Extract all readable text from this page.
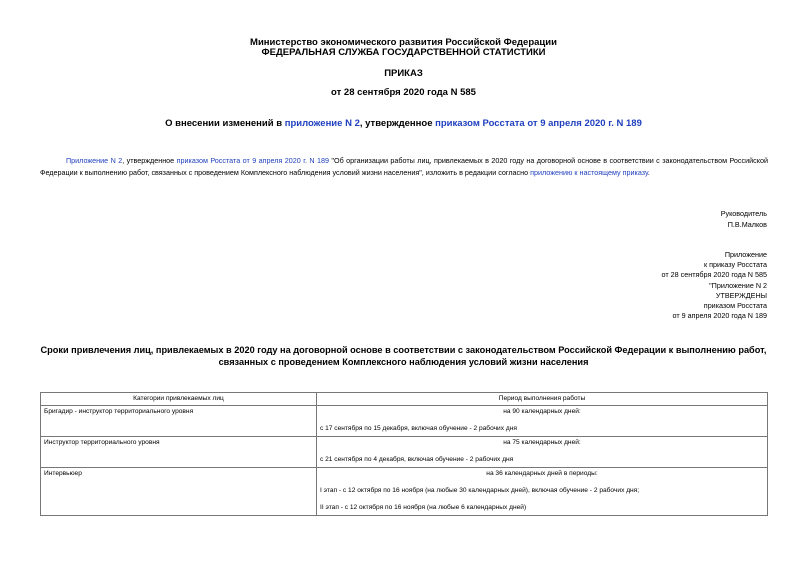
Министерство экономического развития Российской Федерации
ФЕДЕРАЛЬНАЯ СЛУЖБА ГОСУДАРСТВЕННОЙ СТАТИСТИКИ
ПРИКАЗ
от 28 сентября 2020 года N 585
О внесении изменений в приложение N 2, утвержденное приказом Росстата от 9 апреля 2020 г. N 189
Приложение N 2, утвержденное приказом Росстата от 9 апреля 2020 г. N 189 "Об организации работы лиц, привлекаемых в 2020 году на договорной основе в соответствии с законодательством Российской Федерации к выполнению работ, связанных с проведением Комплексного наблюдения условий жизни населения", изложить в редакции согласно приложению к настоящему приказу.
Руководитель
П.В.Малков
Приложение
к приказу Росстата
от 28 сентября 2020 года N 585
"Приложение N 2
УТВЕРЖДЕНЫ
приказом Росстата
от 9 апреля 2020 года N 189
Сроки привлечения лиц, привлекаемых в 2020 году на договорной основе в соответствии с законодательством Российской Федерации к выполнению работ,
связанных с проведением Комплексного наблюдения условий жизни населения
Категории привлекаемых лиц	Период выполнения работы
Бригадир - инструктор территориального уровня	на 90 календарных дней:
с 17 сентября по 15 декабря, включая обучение - 2 рабочих дня

Инструктор территориального уровня	на 75 календарных дней:
с 21 сентября по 4 декабря, включая обучение - 2 рабочих дня

Интервьюер	на 36 календарных дней в периоды:
I этап - с 12 октября по 16 ноября (на любые 30 календарных дней), включая обучение - 2 рабочих дня;
II этап - с 12 октября по 16 ноября (на любые 6 календарных дней)
